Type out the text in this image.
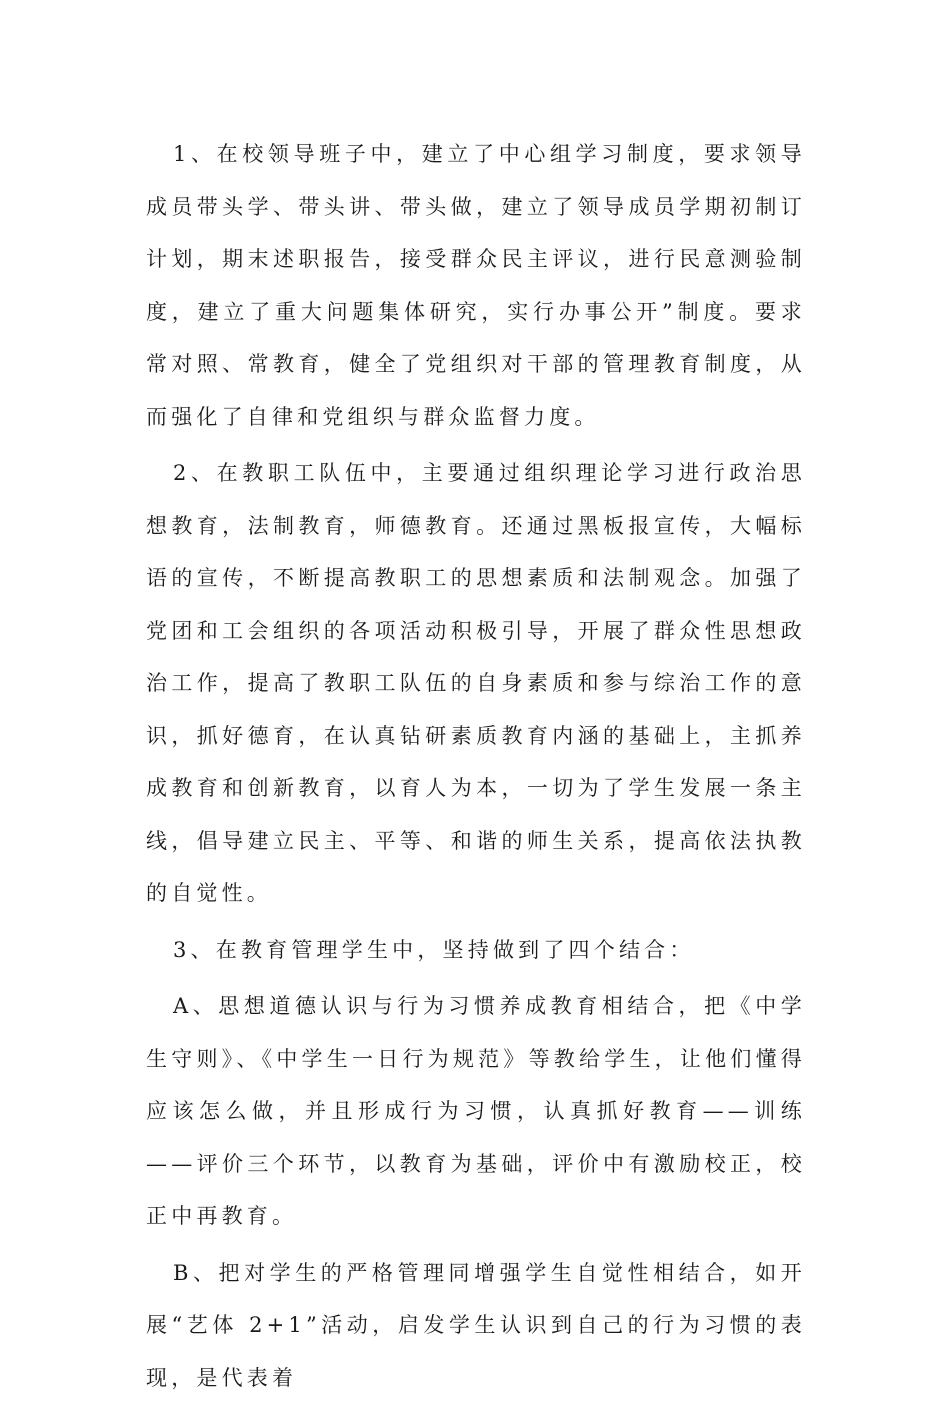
1、在校领导班子中，建立了中心组学习制度，要求领导成员带头学、带头讲、带头做，建立了领导成员学期初制订计划，期末述职报告，接受群众民主评议，进行民意测验制度，建立了重大问题集体研究，实行办事公开”制度。要求常对照、常教育，健全了党组织对干部的管理教育制度，从而强化了自律和党组织与群众监督力度。

2、在教职工队伍中，主要通过组织理论学习进行政治思想教育，法制教育，师德教育。还通过黑板报宣传，大幅标语的宣传，不断提高教职工的思想素质和法制观念。加强了党团和工会组织的各项活动积极引导，开展了群众性思想政治工作，提高了教职工队伍的自身素质和参与综治工作的意识，抓好德育，在认真钻研素质教育内涵的基础上，主抓养成教育和创新教育，以育人为本，一切为了学生发展一条主线，倡导建立民主、平等、和谐的师生关系，提高依法执教的自觉性。

3、在教育管理学生中，坚持做到了四个结合：

A、思想道德认识与行为习惯养成教育相结合，把《中学生守则》、《中学生一日行为规范》等教给学生，让他们懂得应该怎么做，并且形成行为习惯，认真抓好教育——训练——评价三个环节，以教育为基础，评价中有激励校正，校正中再教育。

B、把对学生的严格管理同增强学生自觉性相结合，如开展“艺体 2+1”活动，启发学生认识到自己的行为习惯的表现，是代表着
